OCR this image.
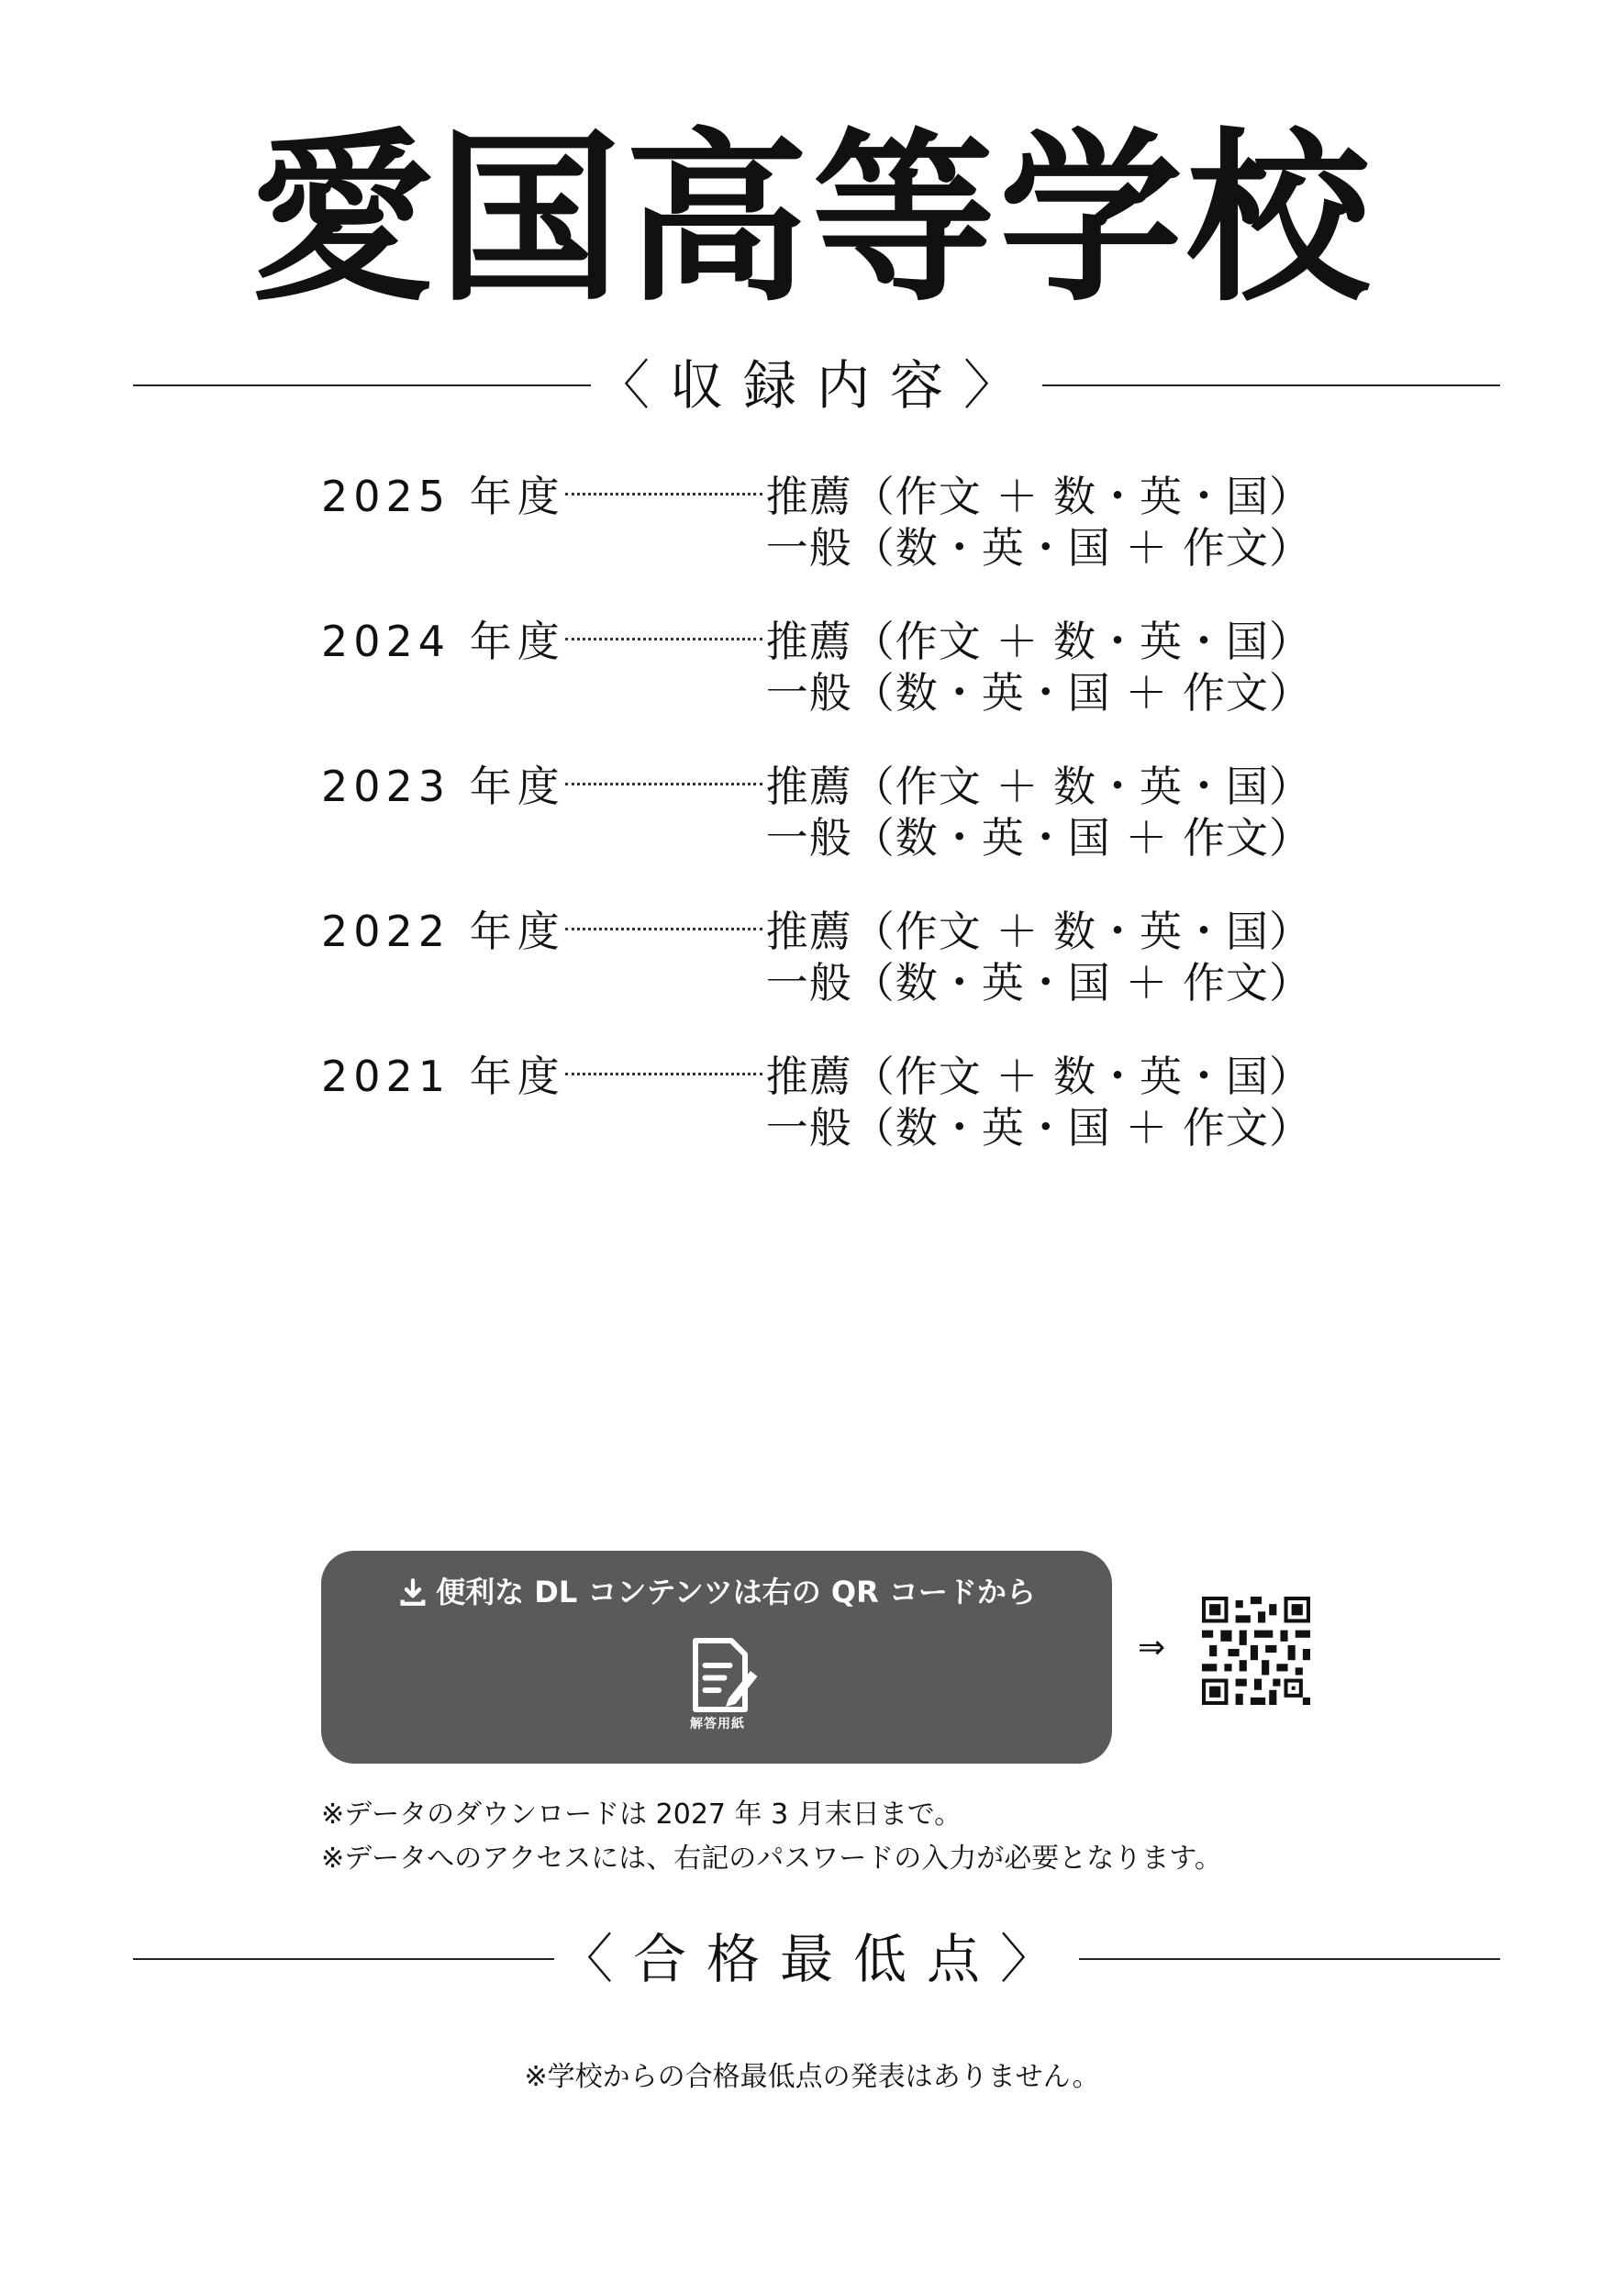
愛国高等学校
〈収録内容〉
2025 年度	推薦（作文 ＋ 数・英・国）
一般（数・英・国 ＋ 作文）
2024 年度	推薦（作文 ＋ 数・英・国）
一般（数・英・国 ＋ 作文）
2023 年度	推薦（作文 ＋ 数・英・国）
一般（数・英・国 ＋ 作文）
2022 年度	推薦（作文 ＋ 数・英・国）
一般（数・英・国 ＋ 作文）
2021 年度	推薦（作文 ＋ 数・英・国）
一般（数・英・国 ＋ 作文）
便利な DL コンテンツは右の QR コードから
解答用紙
⇒
※データのダウンロードは 2027 年 3 月末日まで。
※データへのアクセスには、右記のパスワードの入力が必要となります。
〈合格最低点〉
※学校からの合格最低点の発表はありません。
